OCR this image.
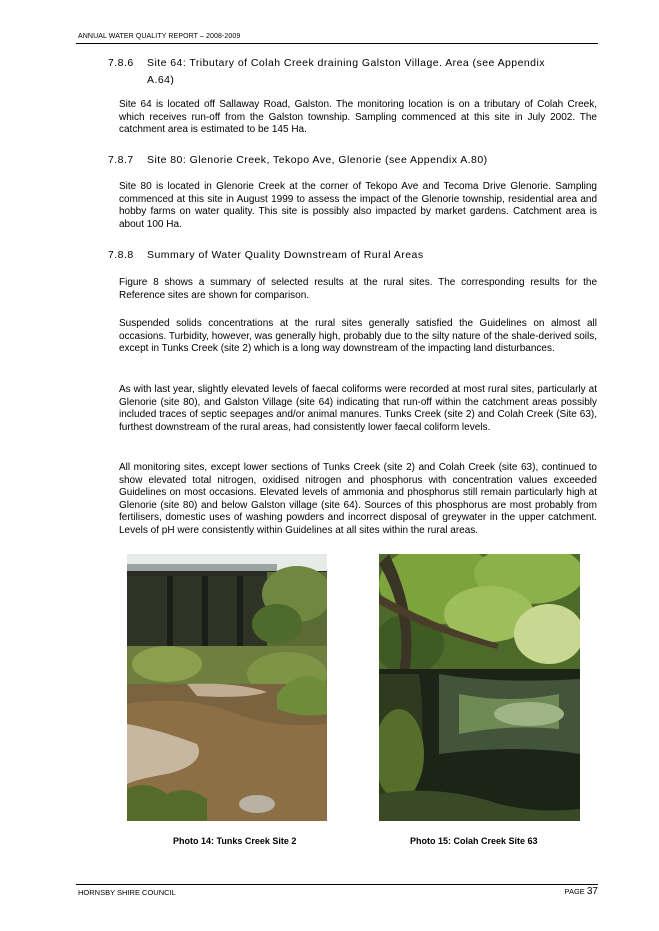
ANNUAL WATER QUALITY REPORT – 2008-2009
7.8.6 Site 64: Tributary of Colah Creek draining Galston Village. Area (see Appendix
A.64)
Site 64 is located off Sallaway Road, Galston. The monitoring location is on a tributary of Colah Creek, which receives run-off from the Galston township. Sampling commenced at this site in July 2002. The catchment area is estimated to be 145 Ha.
7.8.7 Site 80: Glenorie Creek, Tekopo Ave, Glenorie (see Appendix A.80)
Site 80 is located in Glenorie Creek at the corner of Tekopo Ave and Tecoma Drive Glenorie. Sampling commenced at this site in August 1999 to assess the impact of the Glenorie township, residential area and hobby farms on water quality. This site is possibly also impacted by market gardens. Catchment area is about 100 Ha.
7.8.8 Summary of Water Quality Downstream of Rural Areas
Figure 8 shows a summary of selected results at the rural sites. The corresponding results for the Reference sites are shown for comparison.
Suspended solids concentrations at the rural sites generally satisfied the Guidelines on almost all occasions. Turbidity, however, was generally high, probably due to the silty nature of the shale-derived soils, except in Tunks Creek (site 2) which is a long way downstream of the impacting land disturbances.
As with last year, slightly elevated levels of faecal coliforms were recorded at most rural sites, particularly at Glenorie (site 80), and Galston Village (site 64) indicating that run-off within the catchment areas possibly included traces of septic seepages and/or animal manures. Tunks Creek (site 2) and Colah Creek (Site 63), furthest downstream of the rural areas, had consistently lower faecal coliform levels.
All monitoring sites, except lower sections of Tunks Creek (site 2) and Colah Creek (site 63), continued to show elevated total nitrogen, oxidised nitrogen and phosphorus with concentration values exceeded Guidelines on most occasions. Elevated levels of ammonia and phosphorus still remain particularly high at Glenorie (site 80) and below Galston village (site 64). Sources of this phosphorus are most probably from fertilisers, domestic uses of washing powders and incorrect disposal of greywater in the upper catchment. Levels of pH were consistently within Guidelines at all sites within the rural areas.
Photo 14: Tunks Creek Site 2	Photo 15: Colah Creek Site 63
HORNSBY SHIRE COUNCIL	PAGE 37
